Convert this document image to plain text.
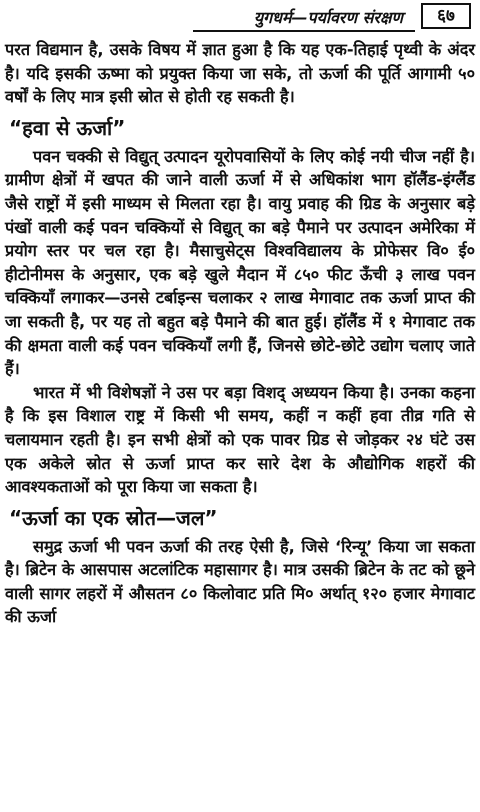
युगधर्म—पर्यावरण संरक्षण	६७

परत विद्यमान है, उसके विषय में ज्ञात हुआ है कि यह एक-तिहाई पृथ्वी के अंदर है। यदि इसकी ऊष्मा को प्रयुक्त किया जा सके, तो ऊर्जा की पूर्ति आगामी ५० वर्षों के लिए मात्र इसी स्रोत से होती रह सकती है।

“हवा से ऊर्जा”

पवन चक्की से विद्युत् उत्पादन यूरोपवासियों के लिए कोई नयी चीज नहीं है। ग्रामीण क्षेत्रों में खपत की जाने वाली ऊर्जा में से अधिकांश भाग हॉलैंड-इंग्लैंड जैसे राष्ट्रों में इसी माध्यम से मिलता रहा है। वायु प्रवाह की ग्रिड के अनुसार बड़े पंखों वाली कई पवन चक्कियों से विद्युत् का बड़े पैमाने पर उत्पादन अमेरिका में प्रयोग स्तर पर चल रहा है। मैसाचुसेट्स विश्वविद्यालय के प्रोफेसर वि० ई० हीटोनीमस के अनुसार, एक बड़े खुले मैदान में ८५० फीट ऊँची ३ लाख पवन चक्कियाँ लगाकर—उनसे टर्बाइन्स चलाकर २ लाख मेगावाट तक ऊर्जा प्राप्त की जा सकती है, पर यह तो बहुत बड़े पैमाने की बात हुई। हॉलैंड में १ मेगावाट तक की क्षमता वाली कई पवन चक्कियाँ लगी हैं, जिनसे छोटे-छोटे उद्योग चलाए जाते हैं।

भारत में भी विशेषज्ञों ने उस पर बड़ा विशद् अध्ययन किया है। उनका कहना है कि इस विशाल राष्ट्र में किसी भी समय, कहीं न कहीं हवा तीव्र गति से चलायमान रहती है। इन सभी क्षेत्रों को एक पावर ग्रिड से जोड़कर २४ घंटे उस एक अकेले स्रोत से ऊर्जा प्राप्त कर सारे देश के औद्योगिक शहरों की आवश्यकताओं को पूरा किया जा सकता है।

“ऊर्जा का एक स्रोत—जल”

समुद्र ऊर्जा भी पवन ऊर्जा की तरह ऐसी है, जिसे ‘रिन्यू’ किया जा सकता है। ब्रिटेन के आसपास अटलांटिक महासागर है। मात्र उसकी ब्रिटेन के तट को छूने वाली सागर लहरों में औसतन ८० किलोवाट प्रति मि० अर्थात् १२० हजार मेगावाट की ऊर्जा
